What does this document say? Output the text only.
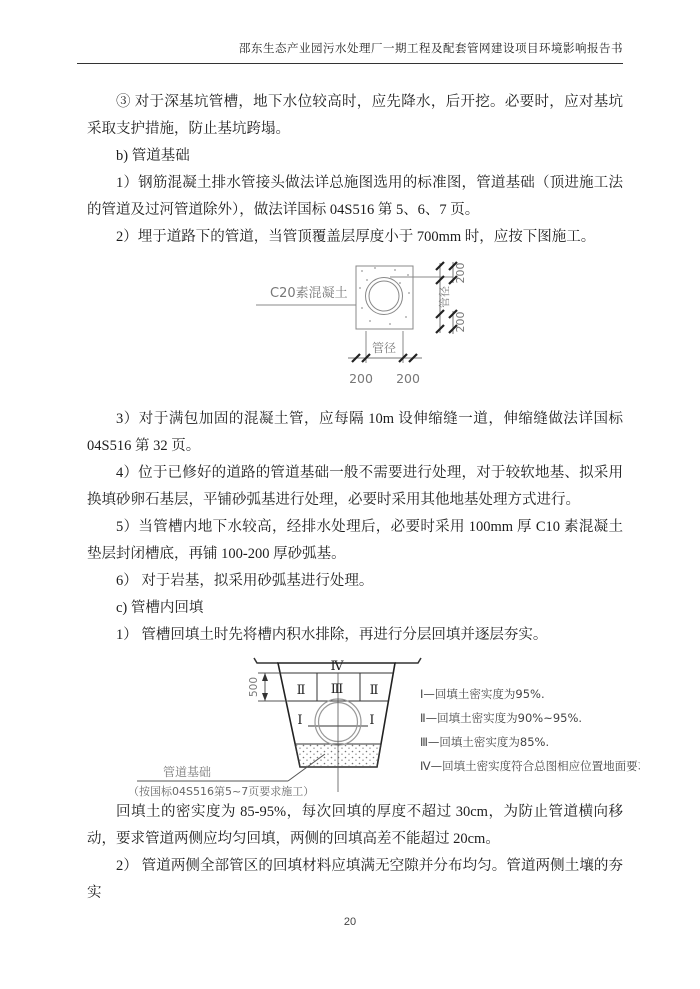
邵东生态产业园污水处理厂一期工程及配套管网建设项目环境影响报告书

③ 对于深基坑管槽，地下水位较高时，应先降水，后开挖。必要时，应对基坑采取支护措施，防止基坑跨塌。

b) 管道基础

1）钢筋混凝土排水管接头做法详总施图选用的标准图，管道基础（顶进施工法的管道及过河管道除外），做法详国标 04S516 第 5、6、7 页。

2）埋于道路下的管道，当管顶覆盖层厚度小于 700mm 时，应按下图施工。

C20素混凝土
200
管径
200
管径
200 200

3）对于满包加固的混凝土管，应每隔 10m 设伸缩缝一道，伸缩缝做法详国标 04S516 第 32 页。

4）位于已修好的道路的管道基础一般不需要进行处理，对于较软地基、拟采用换填砂卵石基层，平铺砂弧基进行处理，必要时采用其他地基处理方式进行。

5）当管槽内地下水较高，经排水处理后，必要时采用 100mm 厚 C10 素混凝土垫层封闭槽底，再铺 100-200 厚砂弧基。

6） 对于岩基，拟采用砂弧基进行处理。

c) 管槽内回填

1） 管槽回填土时先将槽内积水排除，再进行分层回填并逐层夯实。

500
Ⅳ
Ⅱ Ⅲ Ⅱ
Ⅰ	Ⅰ
Ⅰ—回填土密实度为95%.
Ⅱ—回填土密实度为90%~95%.
Ⅲ—回填土密实度为85%.
Ⅳ—回填土密实度符合总图相应位置地面要求
管道基础
（按国标04S516第5~7页要求施工）

回填土的密实度为 85-95%，每次回填的厚度不超过 30cm，为防止管道横向移动，要求管道两侧应均匀回填，两侧的回填高差不能超过 20cm。

2） 管道两侧全部管区的回填材料应填满无空隙并分布均匀。管道两侧土壤的夯实

20
